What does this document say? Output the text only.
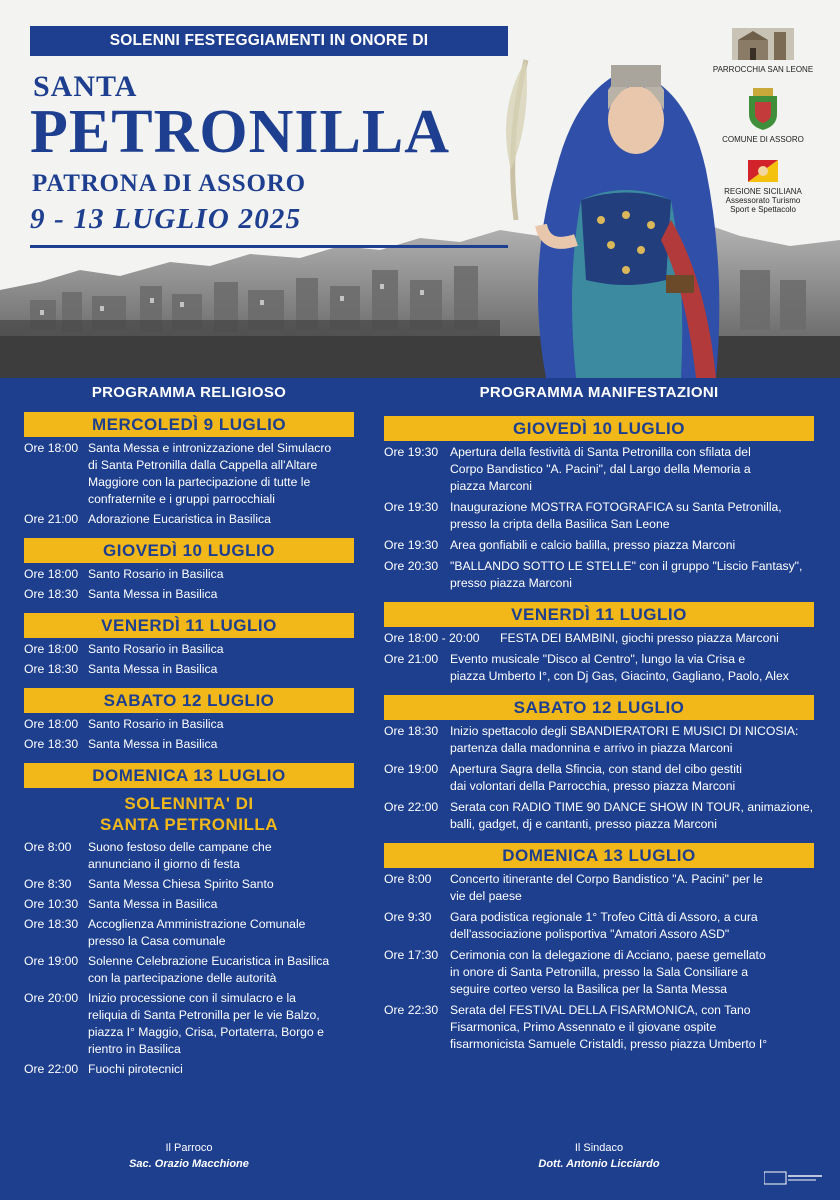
SOLENNI FESTEGGIAMENTI IN ONORE DI
SANTA
PETRONILLA
PATRONA DI ASSORO
9 - 13 LUGLIO 2025
PARROCCHIA SAN LEONE
COMUNE DI ASSORO
REGIONE SICILIANA
Assessorato Turismo
Sport e Spettacolo
PROGRAMMA RELIGIOSO
MERCOLEDÌ 9 LUGLIO
Ore 18:00 Santa Messa e intronizzazione del Simulacro
di Santa Petronilla dalla Cappella all'Altare
Maggiore con la partecipazione di tutte le
confraternite e i gruppi parrocchiali
Ore 21:00 Adorazione Eucaristica in Basilica
GIOVEDÌ 10 LUGLIO
Ore 18:00 Santo Rosario in Basilica
Ore 18:30 Santa Messa in Basilica
VENERDÌ 11 LUGLIO
Ore 18:00 Santo Rosario in Basilica
Ore 18:30 Santa Messa in Basilica
SABATO 12 LUGLIO
Ore 18:00 Santo Rosario in Basilica
Ore 18:30 Santa Messa in Basilica
DOMENICA 13 LUGLIO
SOLENNITA' DI
SANTA PETRONILLA
Ore 8:00 Suono festoso delle campane che
annunciano il giorno di festa
Ore 8:30 Santa Messa Chiesa Spirito Santo
Ore 10:30 Santa Messa in Basilica
Ore 18:30 Accoglienza Amministrazione Comunale
presso la Casa comunale
Ore 19:00 Solenne Celebrazione Eucaristica in Basilica
con la partecipazione delle autorità
Ore 20:00 Inizio processione con il simulacro e la
reliquia di Santa Petronilla per le vie Balzo,
piazza I° Maggio, Crisa, Portaterra, Borgo e
rientro in Basilica
Ore 22:00 Fuochi pirotecnici
PROGRAMMA MANIFESTAZIONI
GIOVEDÌ 10 LUGLIO
Ore 19:30 Apertura della festività di Santa Petronilla con sfilata del
Corpo Bandistico "A. Pacini", dal Largo della Memoria a
piazza Marconi
Ore 19:30 Inaugurazione MOSTRA FOTOGRAFICA su Santa Petronilla,
presso la cripta della Basilica San Leone
Ore 19:30 Area gonfiabili e calcio balilla, presso piazza Marconi
Ore 20:30 "BALLANDO SOTTO LE STELLE" con il gruppo "Liscio Fantasy",
presso piazza Marconi
VENERDÌ 11 LUGLIO
Ore 18:00 - 20:00 FESTA DEI BAMBINI, giochi presso piazza Marconi
Ore 21:00 Evento musicale "Disco al Centro", lungo la via Crisa e
piazza Umberto I°, con Dj Gas, Giacinto, Gagliano, Paolo, Alex
SABATO 12 LUGLIO
Ore 18:30 Inizio spettacolo degli SBANDIERATORI E MUSICI DI NICOSIA:
partenza dalla madonnina e arrivo in piazza Marconi
Ore 19:00 Apertura Sagra della Sfincia, con stand del cibo gestiti
dai volontari della Parrocchia, presso piazza Marconi
Ore 22:00 Serata con RADIO TIME 90 DANCE SHOW IN TOUR, animazione,
balli, gadget, dj e cantanti, presso piazza Marconi
DOMENICA 13 LUGLIO
Ore 8:00 Concerto itinerante del Corpo Bandistico "A. Pacini" per le
vie del paese
Ore 9:30 Gara podistica regionale 1° Trofeo Città di Assoro, a cura
dell'associazione polisportiva "Amatori Assoro ASD"
Ore 17:30 Cerimonia con la delegazione di Acciano, paese gemellato
in onore di Santa Petronilla, presso la Sala Consiliare a
seguire corteo verso la Basilica per la Santa Messa
Ore 22:30 Serata del FESTIVAL DELLA FISARMONICA, con Tano
Fisarmonica, Primo Assennato e il giovane ospite
fisarmonicista Samuele Cristaldi, presso piazza Umberto I°
Il Parroco
Sac. Orazio Macchione
Il Sindaco
Dott. Antonio Licciardo
